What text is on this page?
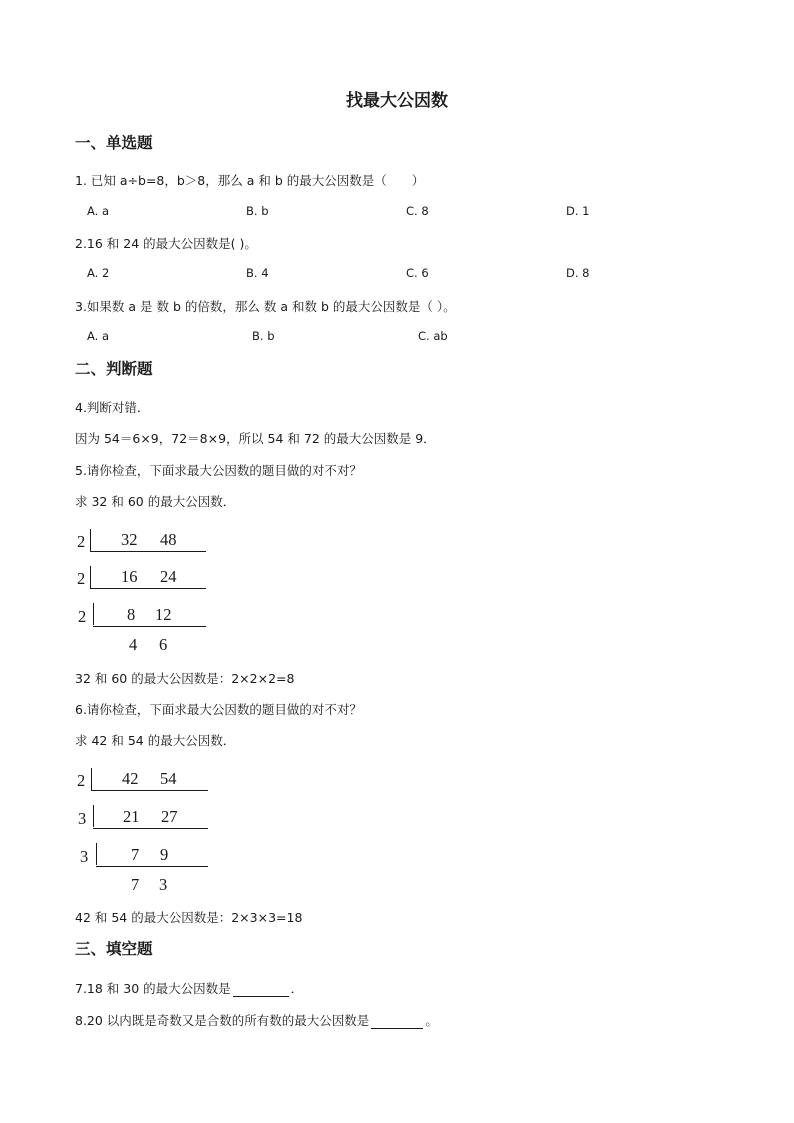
找最大公因数
一、单选题
1. 已知 a÷b=8，b＞8，那么 a 和 b 的最大公因数是（　　）
A. a	B. b	C. 8	D. 1
2.16 和 24 的最大公因数是( )。
A. 2	B. 4	C. 6	D. 8
3.如果数 a 是 数 b 的倍数，那么 数 a 和数 b 的最大公因数是（ ）。
A. a	B. b	C. ab
二、判断题
4.判断对错．
因为 54＝6×9，72＝8×9，所以 54 和 72 的最大公因数是 9．
5.请你检查，下面求最大公因数的题目做的对不对？
求 32 和 60 的最大公因数．
2 32 48
2 16 24
2 8 12
4 6
32 和 60 的最大公因数是：2×2×2=8
6.请你检查，下面求最大公因数的题目做的对不对？
求 42 和 54 的最大公因数．
2 42 54
3 21 27
3	7 9
7 3
42 和 54 的最大公因数是：2×3×3=18
三、填空题
7.18 和 30 的最大公因数是	．
8.20 以内既是奇数又是合数的所有数的最大公因数是	。
